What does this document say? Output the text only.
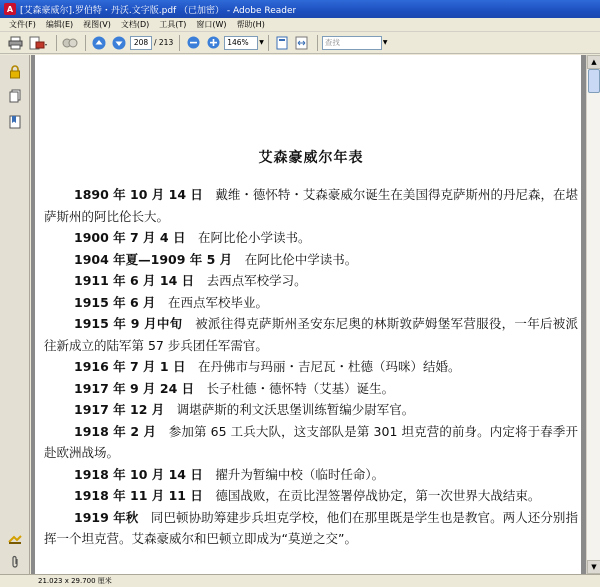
A [艾森豪威尔].罗伯特・丹沃.文字版.pdf （已加密） - Adobe Reader
文件(F)	编辑(E)	视图(V)	文档(D)	工具(T)	窗口(W)	帮助(H)
208 / 213	146% ▼	查找	▼
艾森豪威尔年表

1890 年 10 月 14 日　戴维・德怀特・艾森豪威尔诞生在美国得克萨斯州的丹尼森，在堪萨斯州的阿比伦长大。

1900 年 7 月 4 日　在阿比伦小学读书。

1904 年夏—1909 年 5 月　在阿比伦中学读书。

1911 年 6 月 14 日　去西点军校学习。

1915 年 6 月　在西点军校毕业。

1915 年 9 月中旬　被派往得克萨斯州圣安东尼奥的林斯敦萨姆堡军营服役，一年后被派往新成立的陆军第 57 步兵团任军需官。

1916 年 7 月 1 日　在丹佛市与玛丽・吉尼瓦・杜德（玛咪）结婚。

1917 年 9 月 24 日　长子杜德・德怀特（艾基）诞生。

1917 年 12 月　调堪萨斯的利文沃思堡训练暂编少尉军官。

1918 年 2 月　参加第 65 工兵大队，这支部队是第 301 坦克营的前身。内定将于春季开赴欧洲战场。

1918 年 10 月 14 日　擢升为暂编中校（临时任命）。

1918 年 11 月 11 日　德国战败，在贡比涅签署停战协定，第一次世界大战结束。

1919 年秋　同巴顿协助筹建步兵坦克学校，他们在那里既是学生也是教官。两人还分别指挥一个坦克营。艾森豪威尔和巴顿立即成为“莫逆之交”。

▲
▼
21.023 x 29.700 厘米
